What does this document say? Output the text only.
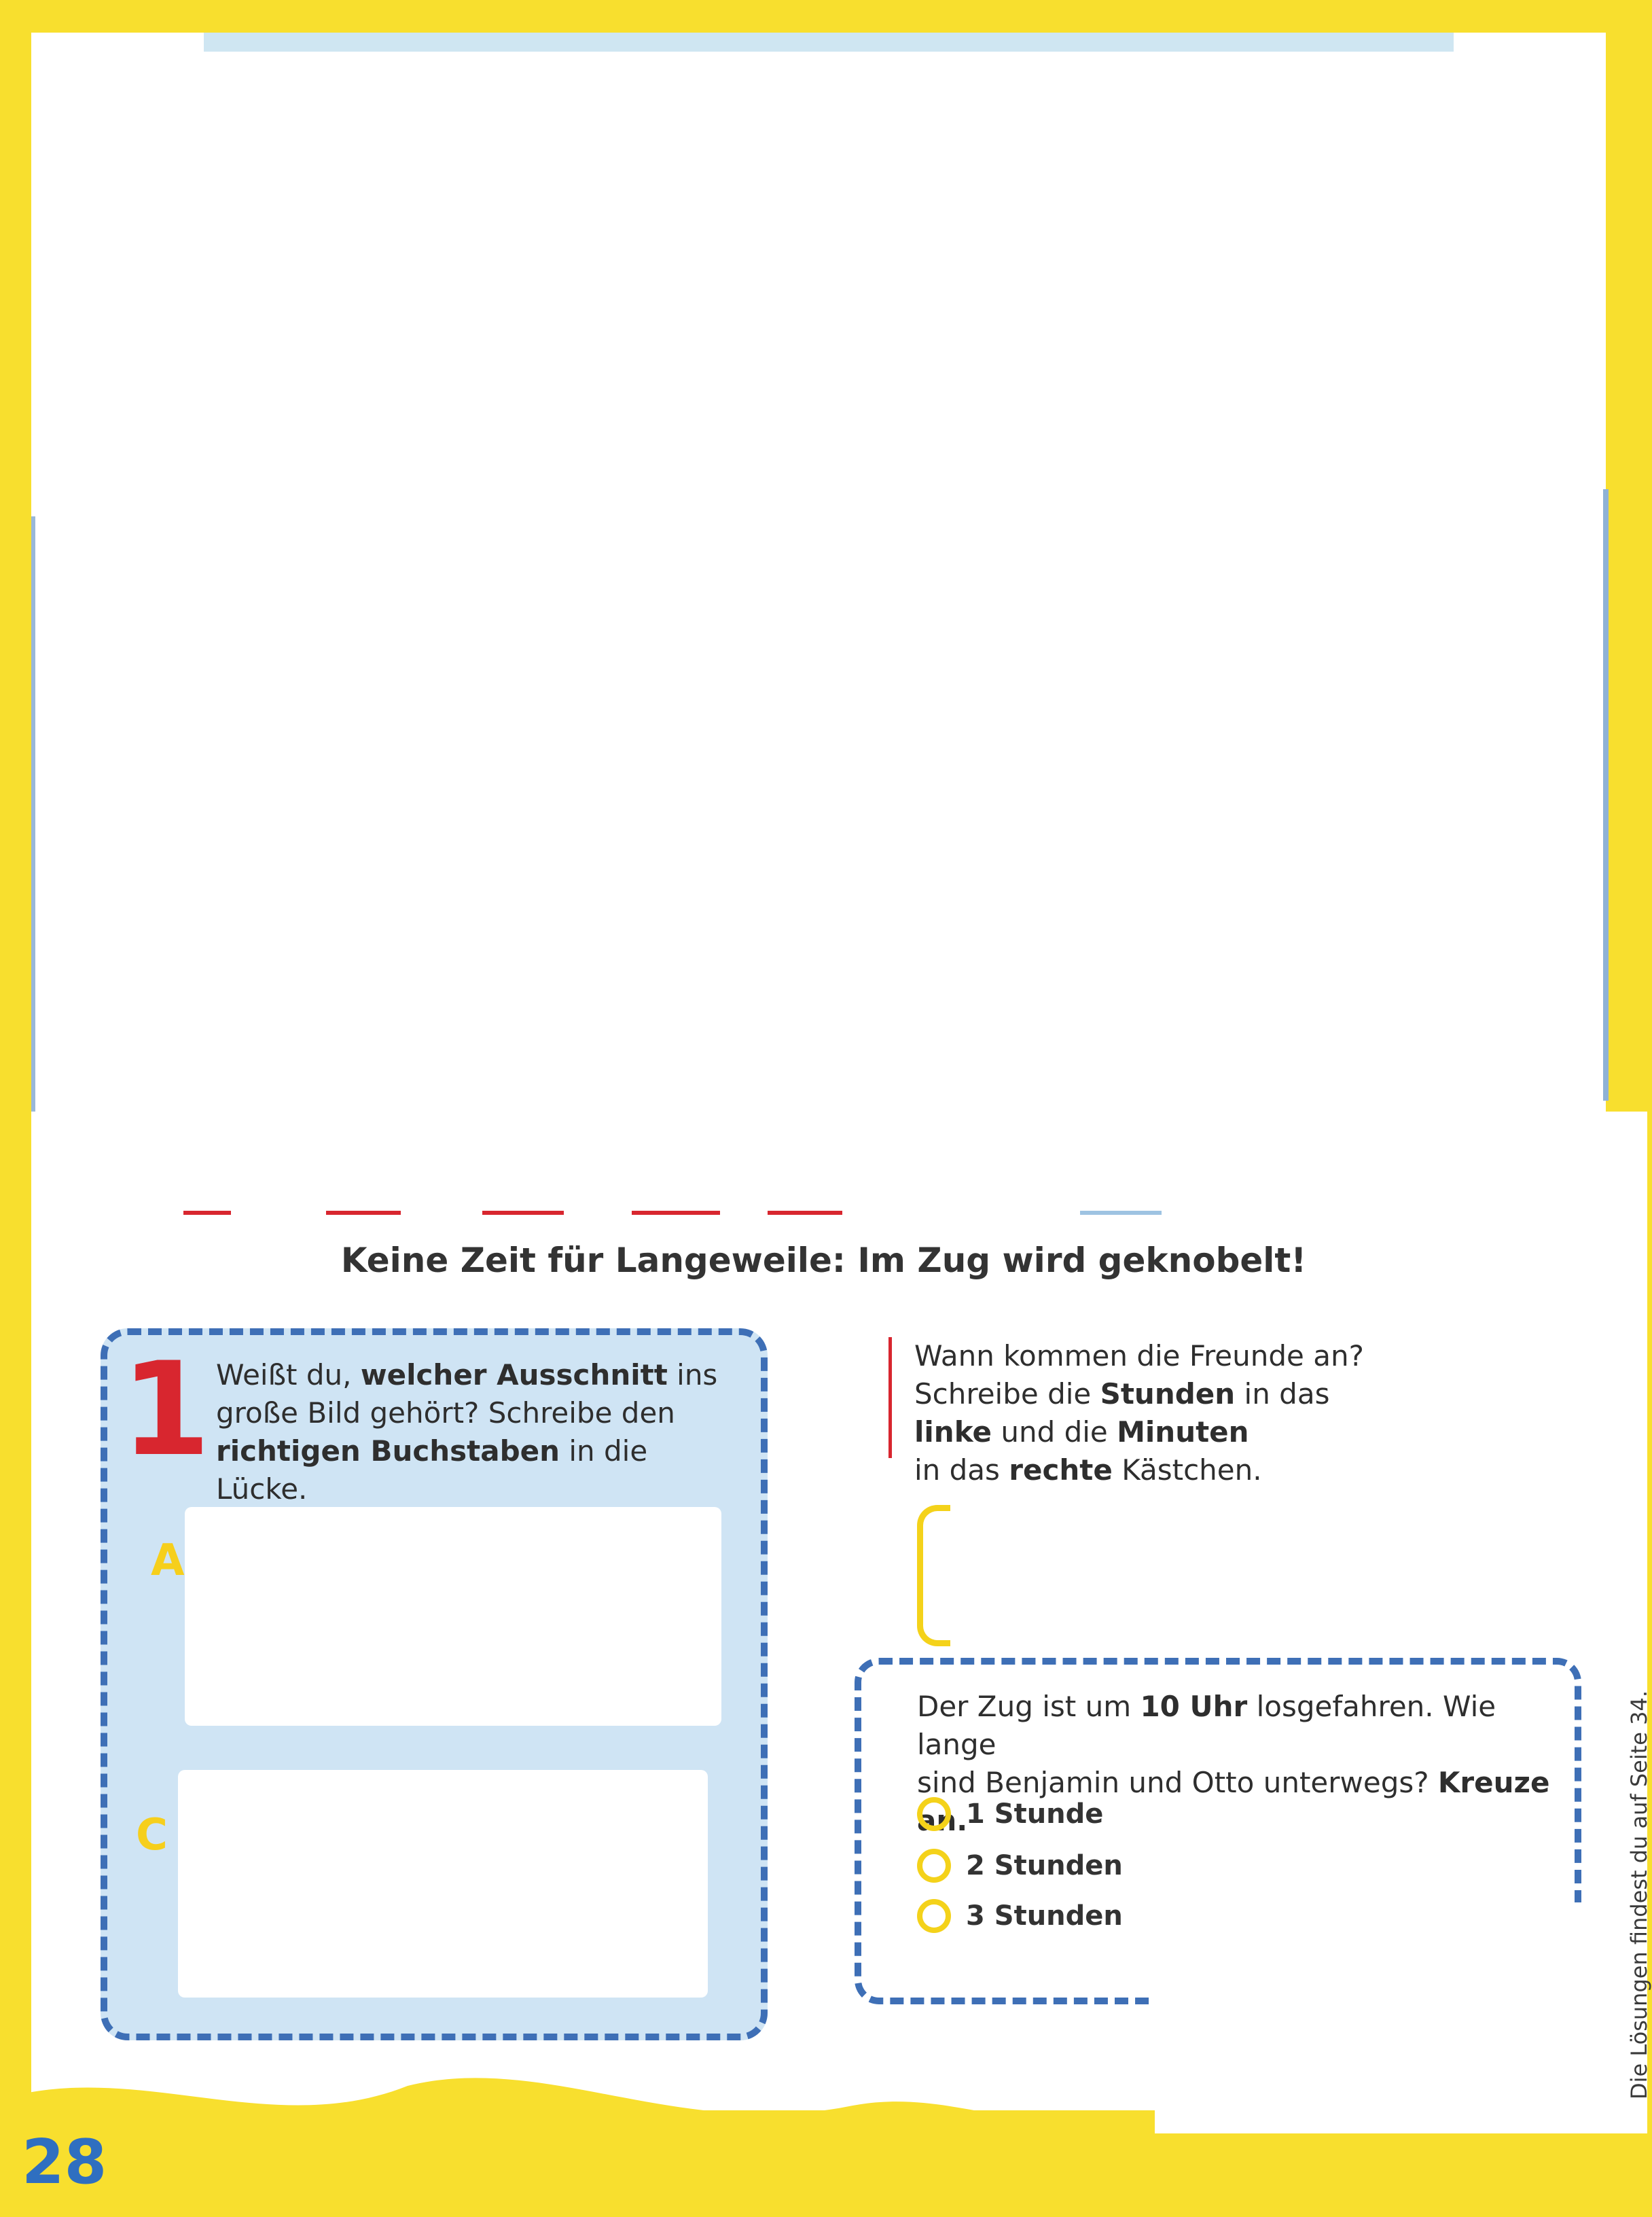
Keine Zeit für Langeweile: Im Zug wird geknobelt!
1 Weißt du, welcher Ausschnitt ins große Bild gehört? Schreibe den richtigen Buchstaben in die Lücke.
A
C
Wann kommen die Freunde an?
Schreibe die Stunden in das
linke und die Minuten
in das rechte Kästchen.
Der Zug ist um 10 Uhr losgefahren. Wie lange
sind Benjamin und Otto unterwegs? Kreuze an.
1 Stunde
2 Stunden
3 Stunden
28
Die Lösungen findest du auf Seite 34.
